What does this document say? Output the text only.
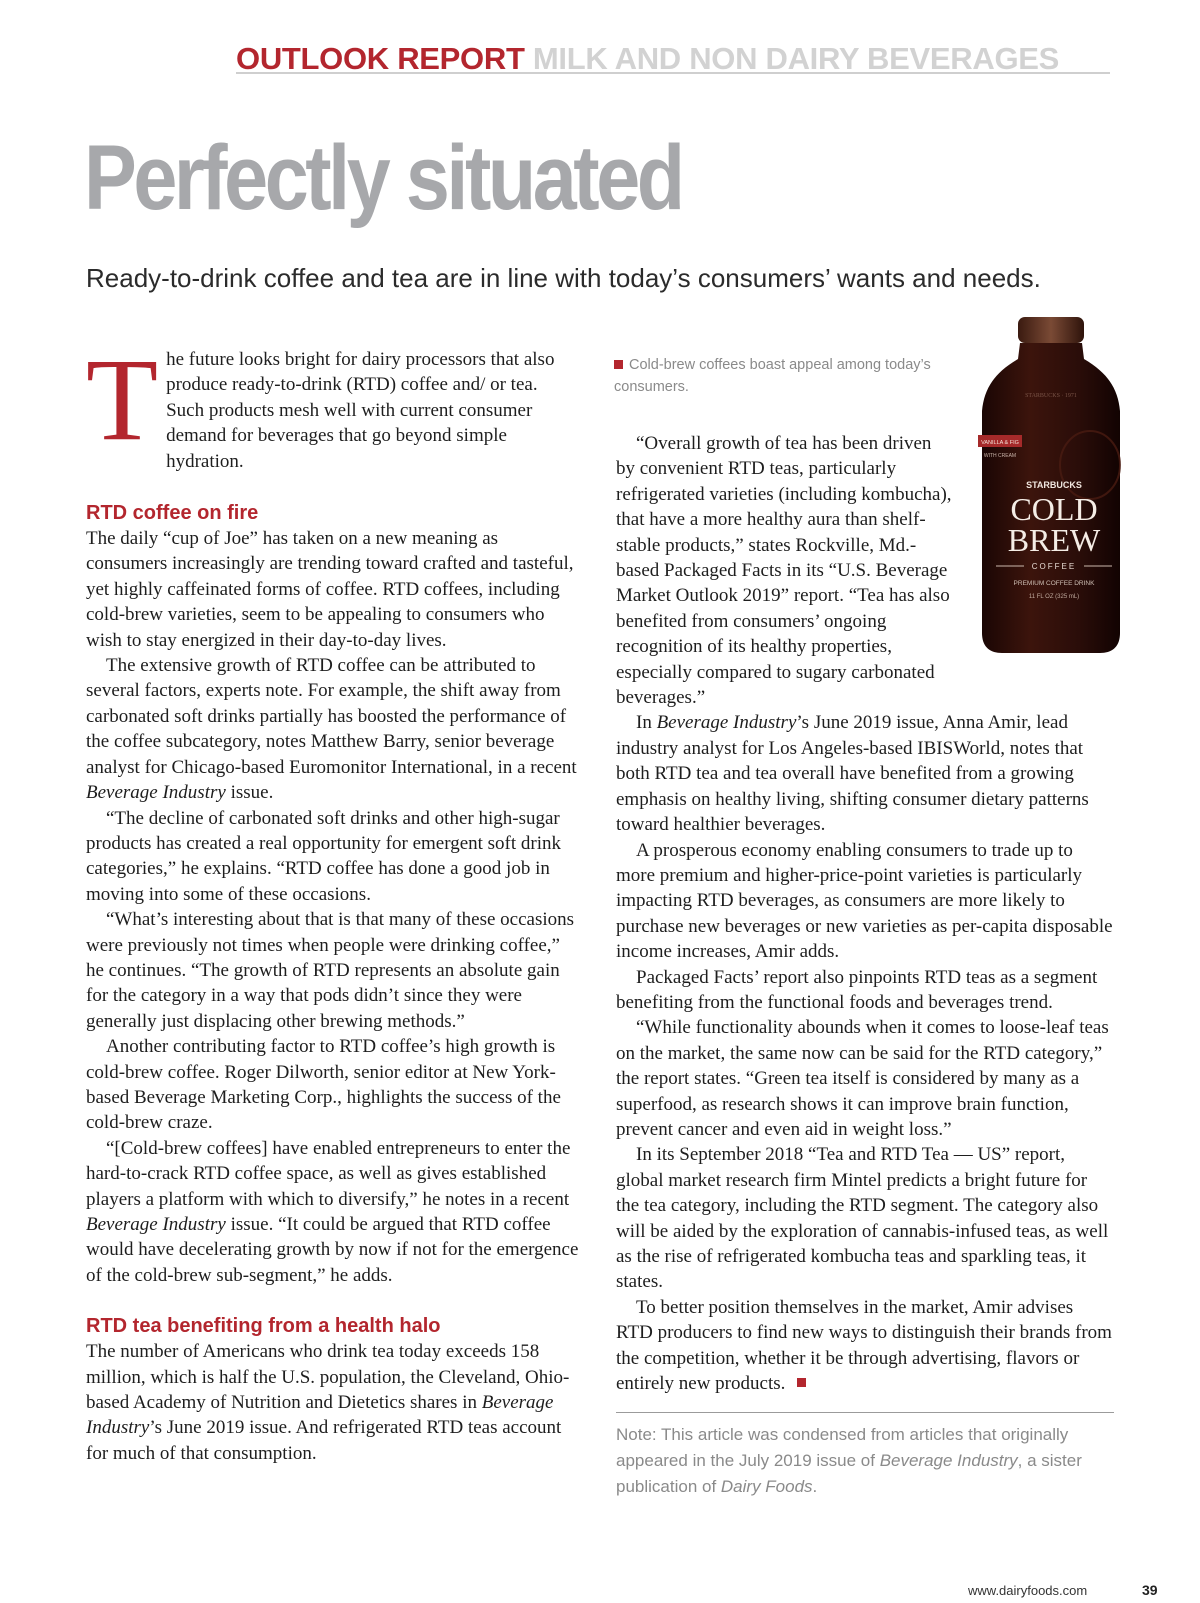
OUTLOOK REPORT MILK AND NON DAIRY BEVERAGES
Perfectly situated

Ready-to-drink coffee and tea are in line with today’s consumers’ wants and needs.

The future looks bright for dairy processors that also produce ready-to-drink (RTD) coffee and/ or tea. Such products mesh well with current consumer demand for beverages that go beyond simple hydration.

RTD coffee on fire

The daily “cup of Joe” has taken on a new meaning as consumers increasingly are trending toward crafted and tasteful, yet highly caffeinated forms of coffee. RTD coffees, including cold-brew varieties, seem to be appealing to consumers who wish to stay energized in their day-to-day lives.

The extensive growth of RTD coffee can be attributed to several factors, experts note. For example, the shift away from carbonated soft drinks partially has boosted the performance of the coffee subcategory, notes Matthew Barry, senior beverage analyst for Chicago-based Euromonitor International, in a recent Beverage Industry issue.

“The decline of carbonated soft drinks and other high-sugar products has created a real opportunity for emergent soft drink categories,” he explains. “RTD coffee has done a good job in moving into some of these occasions.

“What’s interesting about that is that many of these occasions were previously not times when people were drinking coffee,” he continues. “The growth of RTD represents an absolute gain for the category in a way that pods didn’t since they were generally just displacing other brewing methods.”

Another contributing factor to RTD coffee’s high growth is cold-brew coffee. Roger Dilworth, senior editor at New York-based Beverage Marketing Corp., highlights the success of the cold-brew craze.

“[Cold-brew coffees] have enabled entrepreneurs to enter the hard-to-crack RTD coffee space, as well as gives established players a platform with which to diversify,” he notes in a recent Beverage Industry issue. “It could be argued that RTD coffee would have decelerating growth by now if not for the emergence of the cold-brew sub-segment,” he adds.

RTD tea benefiting from a health halo

The number of Americans who drink tea today exceeds 158 million, which is half the U.S. population, the Cleveland, Ohio-based Academy of Nutrition and Dietetics shares in Beverage Industry’s June 2019 issue. And refrigerated RTD teas account for much of that consumption.

Cold-brew coffees boast appeal among today’s consumers.

STARBUCKS · 1971
VANILLA & FIG
WITH CREAM
STARBUCKS
COLD
BREW
COFFEE
PREMIUM COFFEE DRINK
11 FL OZ (325 mL)

“Overall growth of tea has been driven by convenient RTD teas, particularly refrigerated varieties (including kombucha), that have a more healthy aura than shelf-stable products,” states Rockville, Md.-based Packaged Facts in its “U.S. Beverage Market Outlook 2019” report. “Tea has also benefited from consumers’ ongoing recognition of its healthy properties, especially compared to sugary carbonated beverages.”

In Beverage Industry’s June 2019 issue, Anna Amir, lead industry analyst for Los Angeles-based IBISWorld, notes that both RTD tea and tea overall have benefited from a growing emphasis on healthy living, shifting consumer dietary patterns toward healthier beverages.

A prosperous economy enabling consumers to trade up to more premium and higher-price-point varieties is particularly impacting RTD beverages, as consumers are more likely to purchase new beverages or new varieties as per-capita disposable income increases, Amir adds.

Packaged Facts’ report also pinpoints RTD teas as a segment benefiting from the functional foods and beverages trend.

“While functionality abounds when it comes to loose-leaf teas on the market, the same now can be said for the RTD category,” the report states. “Green tea itself is considered by many as a superfood, as research shows it can improve brain function, prevent cancer and even aid in weight loss.”

In its September 2018 “Tea and RTD Tea — US” report, global market research firm Mintel predicts a bright future for the tea category, including the RTD segment. The category also will be aided by the exploration of cannabis-infused teas, as well as the rise of refrigerated kombucha teas and sparkling teas, it states.

To better position themselves in the market, Amir advises RTD producers to find new ways to distinguish their brands from the competition, whether it be through advertising, flavors or entirely new products.

Note: This article was condensed from articles that originally appeared in the July 2019 issue of Beverage Industry, a sister publication of Dairy Foods.

www.dairyfoods.com	39
